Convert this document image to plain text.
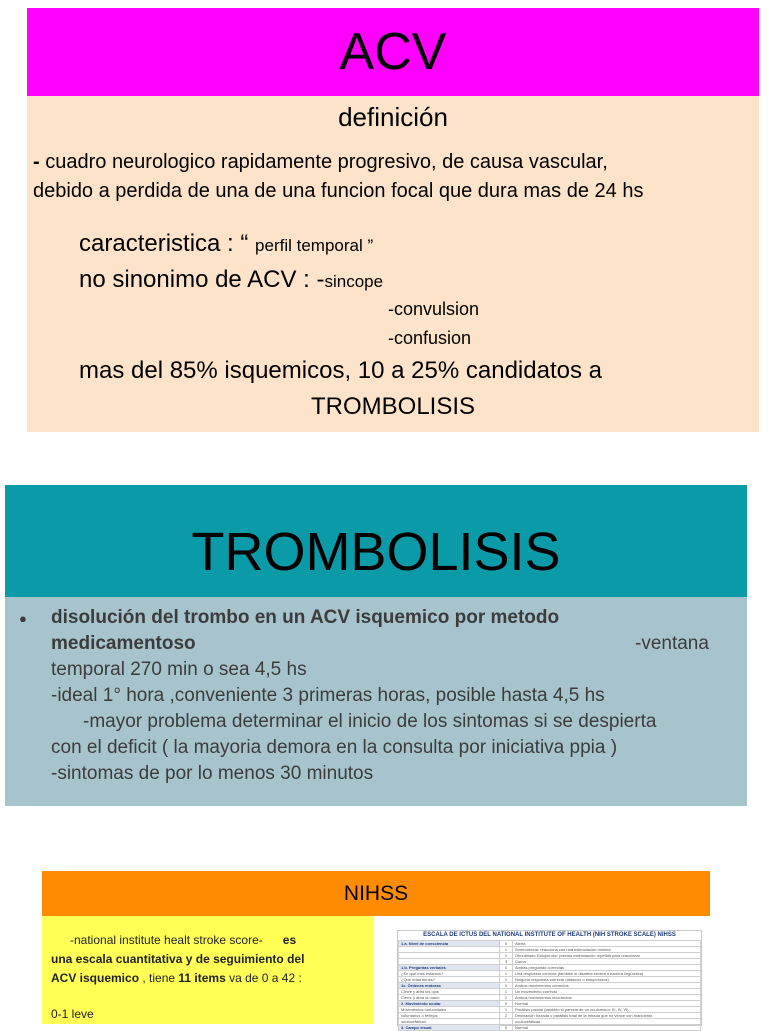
ACV
definición
- cuadro neurologico rapidamente progresivo, de causa vascular,
debido a perdida de una de una funcion focal que dura mas de 24 hs
caracteristica : “ perfil temporal ”
no sinonimo de ACV : -sincope
-convulsion
-confusion
mas del 85% isquemicos, 10 a 25% candidatos a
TROMBOLISIS
TROMBOLISIS
● disolución del trombo en un ACV isquemico por metodo
medicamentoso	-ventana
temporal 270 min o sea 4,5 hs
-ideal 1° hora ,conveniente 3 primeras horas, posible hasta 4,5 hs
-mayor problema determinar el inicio de los sintomas si se despierta
con el deficit ( la mayoria demora en la consulta por iniciativa ppia )
-sintomas de por lo menos 30 minutos
NIHSS
-national institute healt stroke score- es
una escala cuantitativa y de seguimiento del
ACV isquemico , tiene 11 items va de 0 a 42 :
0-1 leve
ESCALA DE ICTUS DEL NATIONAL INSTITUTE OF HEALTH (NIH STROKE SCALE) NIHSS
1.a. Nivel de consciencia	0	Alerta
	1	Somnolencia: reacciona con una estimulación mínima
	2	Obnubilado-Estuporoso: precisa estimulación repetida para reaccionar
	3	Coma
1.b. Preguntas verbales	0	Ambas preguntas correctas
¿En qué mes estamos?	1	Una respuesta correcta (también si disartria severa o barrera lingüística)
¿Qué edad tienes?	2	Ninguna respuesta correcta (afásicos o estuporosos)
1c. Órdenes motoras	0	Ambos movimientos correctos
Cierre y abra los ojos	1	Un movimiento correcto
Cierre y abra la mano	2	Ambos movimientos incorrectos
2. Movimiento ocular	0	Normal
Movimientos horizontales	1	Parálisis parcial (también si paresia de un oculomotor: III, IV, VI)
voluntarios o reflejos	2	Desviación forzada o parálisis total de la mirada que no vence con maniobras
oculocefálicos		oculocefálicas
3. Campo visual	0	Normal
